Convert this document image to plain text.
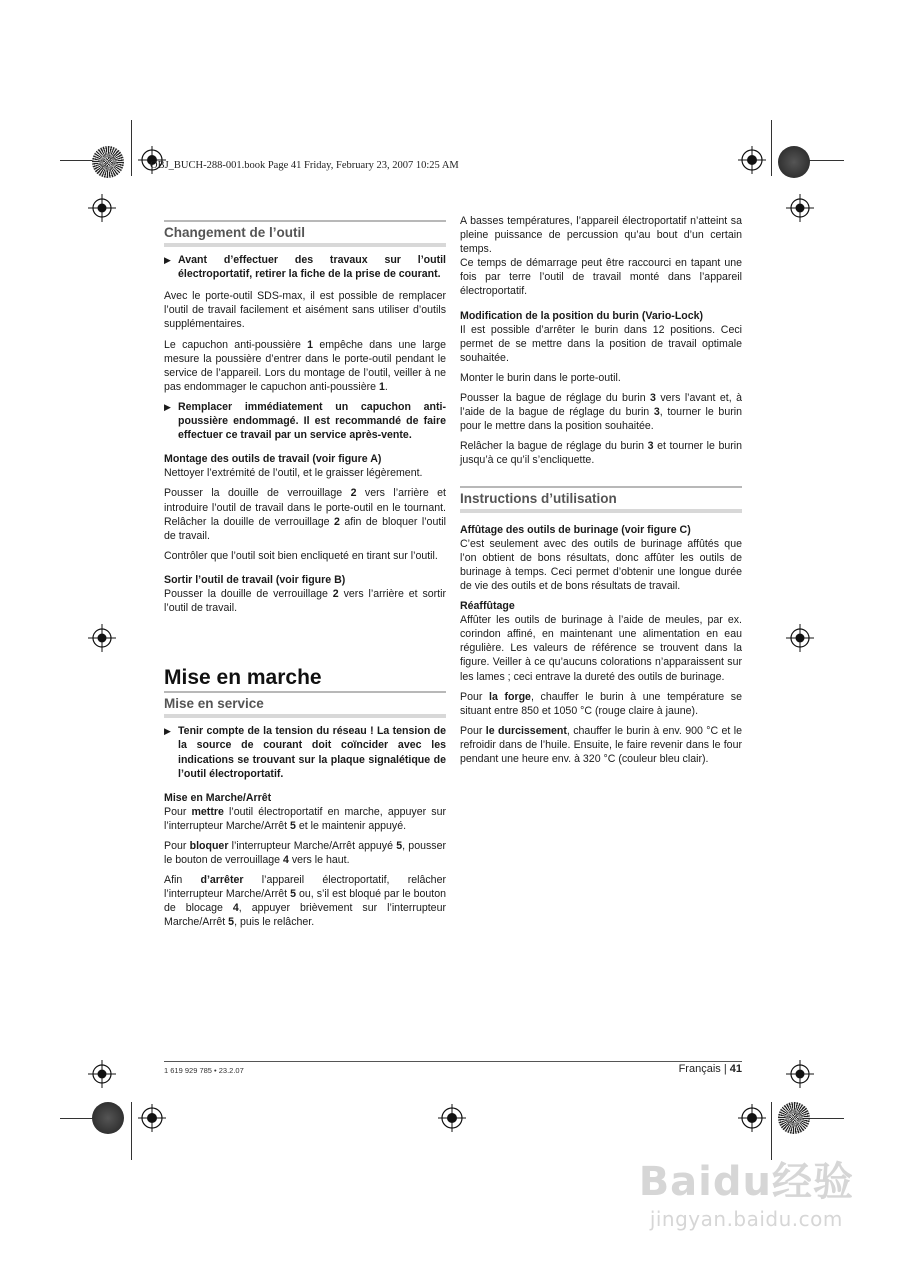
OBJ_BUCH-288-001.book Page 41 Friday, February 23, 2007 10:25 AM
Changement de l’outil
▶ Avant d’effectuer des travaux sur l’outil électroportatif, retirer la fiche de la prise de courant.

Avec le porte-outil SDS-max, il est possible de remplacer l’outil de travail facilement et aisément sans utiliser d’outils supplémentaires.

Le capuchon anti-poussière 1 empêche dans une large mesure la poussière d’entrer dans le porte-outil pendant le service de l’appareil. Lors du montage de l’outil, veiller à ne pas endommager le capuchon anti-poussière 1.

▶ Remplacer immédiatement un capuchon anti-poussière endommagé. Il est recommandé de faire effectuer ce travail par un service après-vente.
Montage des outils de travail (voir figure A)

Nettoyer l’extrémité de l’outil, et le graisser légèrement.

Pousser la douille de verrouillage 2 vers l’arrière et introduire l’outil de travail dans le porte-outil en le tournant. Relâcher la douille de verrouillage 2 afin de bloquer l’outil de travail.

Contrôler que l’outil soit bien encliqueté en tirant sur l’outil.

Sortir l’outil de travail (voir figure B)

Pousser la douille de verrouillage 2 vers l’arrière et sortir l’outil de travail.

Mise en marche
Mise en service
▶ Tenir compte de la tension du réseau ! La tension de la source de courant doit coïncider avec les indications se trouvant sur la plaque signalétique de l’outil électroportatif.
Mise en Marche/Arrêt

Pour mettre l’outil électroportatif en marche, appuyer sur l’interrupteur Marche/Arrêt 5 et le maintenir appuyé.

Pour bloquer l’interrupteur Marche/Arrêt appuyé 5, pousser le bouton de verrouillage 4 vers le haut.

Afin d’arrêter l’appareil électroportatif, relâcher l’interrupteur Marche/Arrêt 5 ou, s’il est bloqué par le bouton de blocage 4, appuyer brièvement sur l’interrupteur Marche/Arrêt 5, puis le relâcher.

A basses températures, l’appareil électroportatif n’atteint sa pleine puissance de percussion qu’au bout d’un certain temps.

Ce temps de démarrage peut être raccourci en tapant une fois par terre l’outil de travail monté dans l’appareil électroportatif.

Modification de la position du burin (Vario-Lock)

Il est possible d’arrêter le burin dans 12 positions. Ceci permet de se mettre dans la position de travail optimale souhaitée.

Monter le burin dans le porte-outil.

Pousser la bague de réglage du burin 3 vers l’avant et, à l’aide de la bague de réglage du burin 3, tourner le burin pour le mettre dans la position souhaitée.

Relâcher la bague de réglage du burin 3 et tourner le burin jusqu’à ce qu’il s’encliquette.

Instructions d’utilisation
Affûtage des outils de burinage (voir figure C)

C’est seulement avec des outils de burinage affûtés que l’on obtient de bons résultats, donc affûter les outils de burinage à temps. Ceci permet d’obtenir une longue durée de vie des outils et de bons résultats de travail.

Réaffûtage

Affûter les outils de burinage à l’aide de meules, par ex. corindon affiné, en maintenant une alimentation en eau régulière. Les valeurs de référence se trouvent dans la figure. Veiller à ce qu’aucuns colorations n’apparaissent sur les lames ; ceci entrave la dureté des outils de burinage.

Pour la forge, chauffer le burin à une température se situant entre 850 et 1050 °C (rouge claire à jaune).

Pour le durcissement, chauffer le burin à env. 900 °C et le refroidir dans de l’huile. Ensuite, le faire revenir dans le four pendant une heure env. à 320 °C (couleur bleu clair).

1 619 929 785 • 23.2.07	Français | 41
Baidu经验
jingyan.baidu.com
